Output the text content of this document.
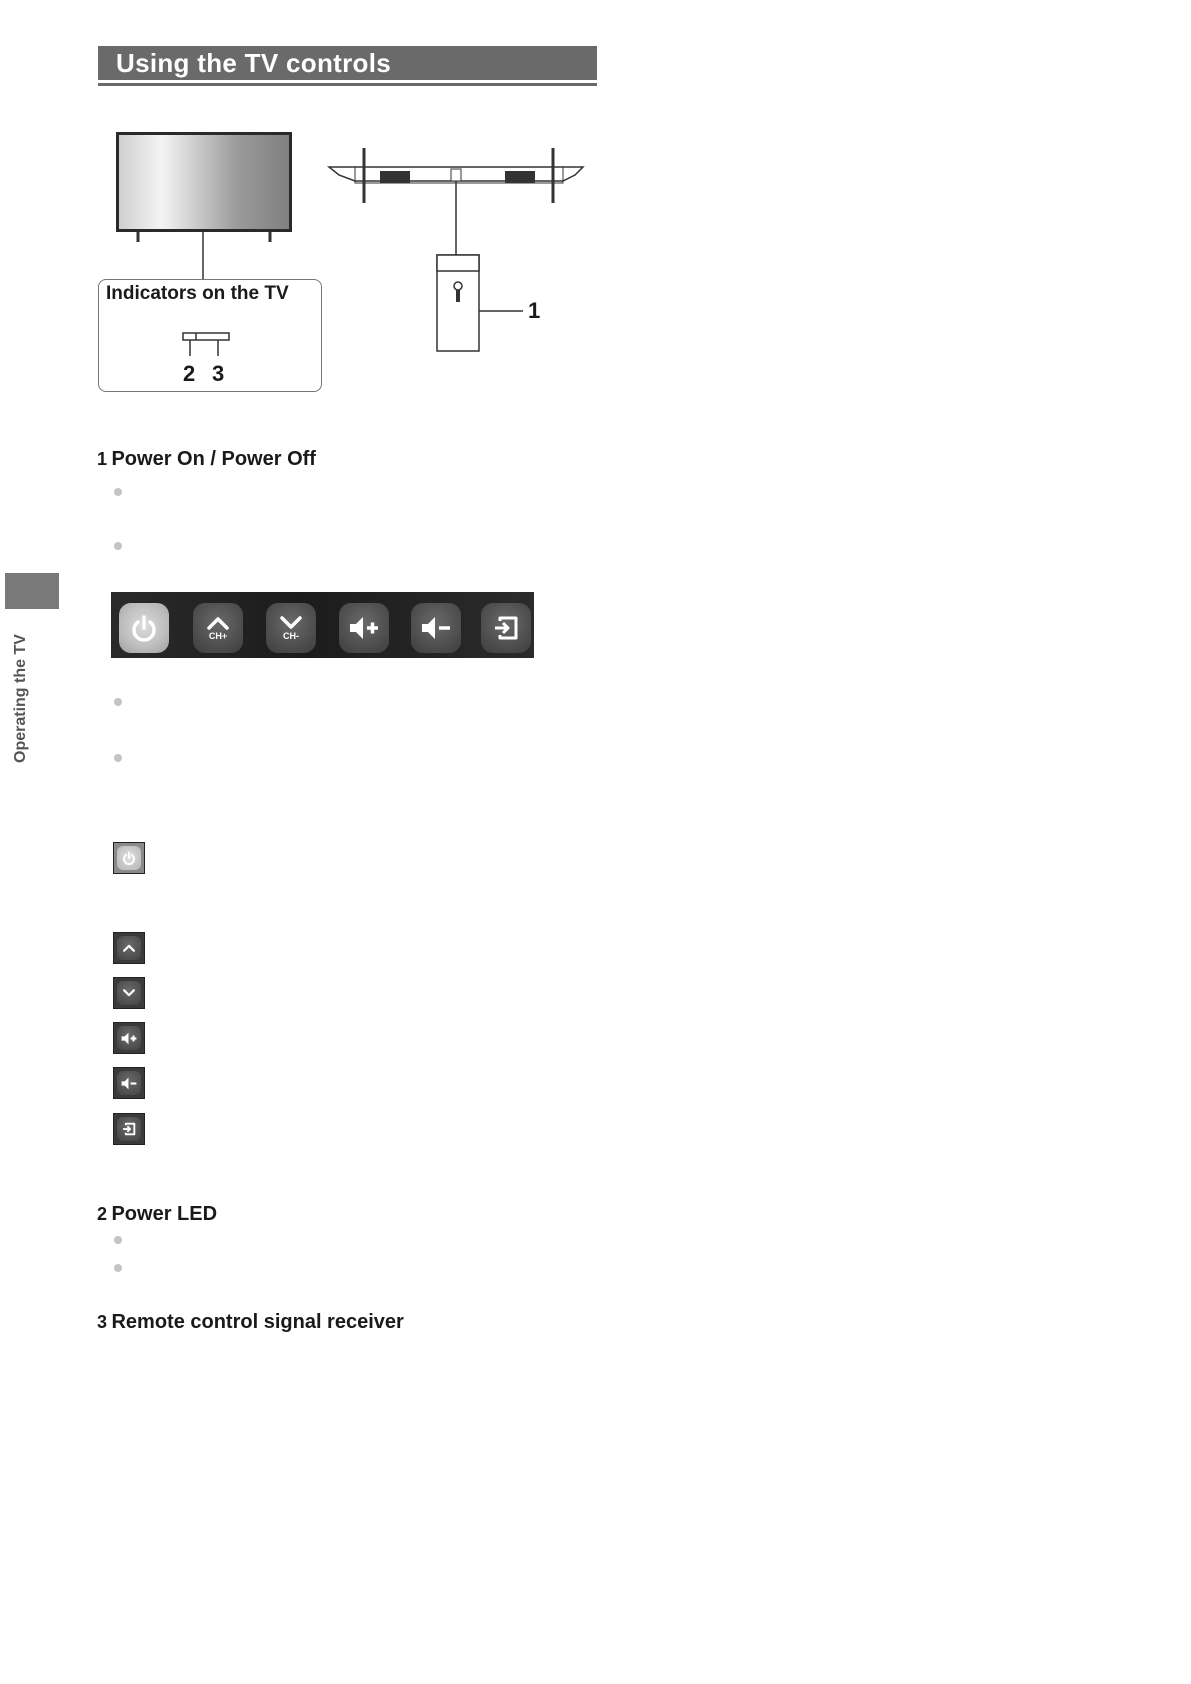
Using the TV controls
Operating the TV
1
Indicators on the TV
2 3
1 Power On / Power Off
CH+	CH-
2 Power LED
3 Remote control signal receiver
